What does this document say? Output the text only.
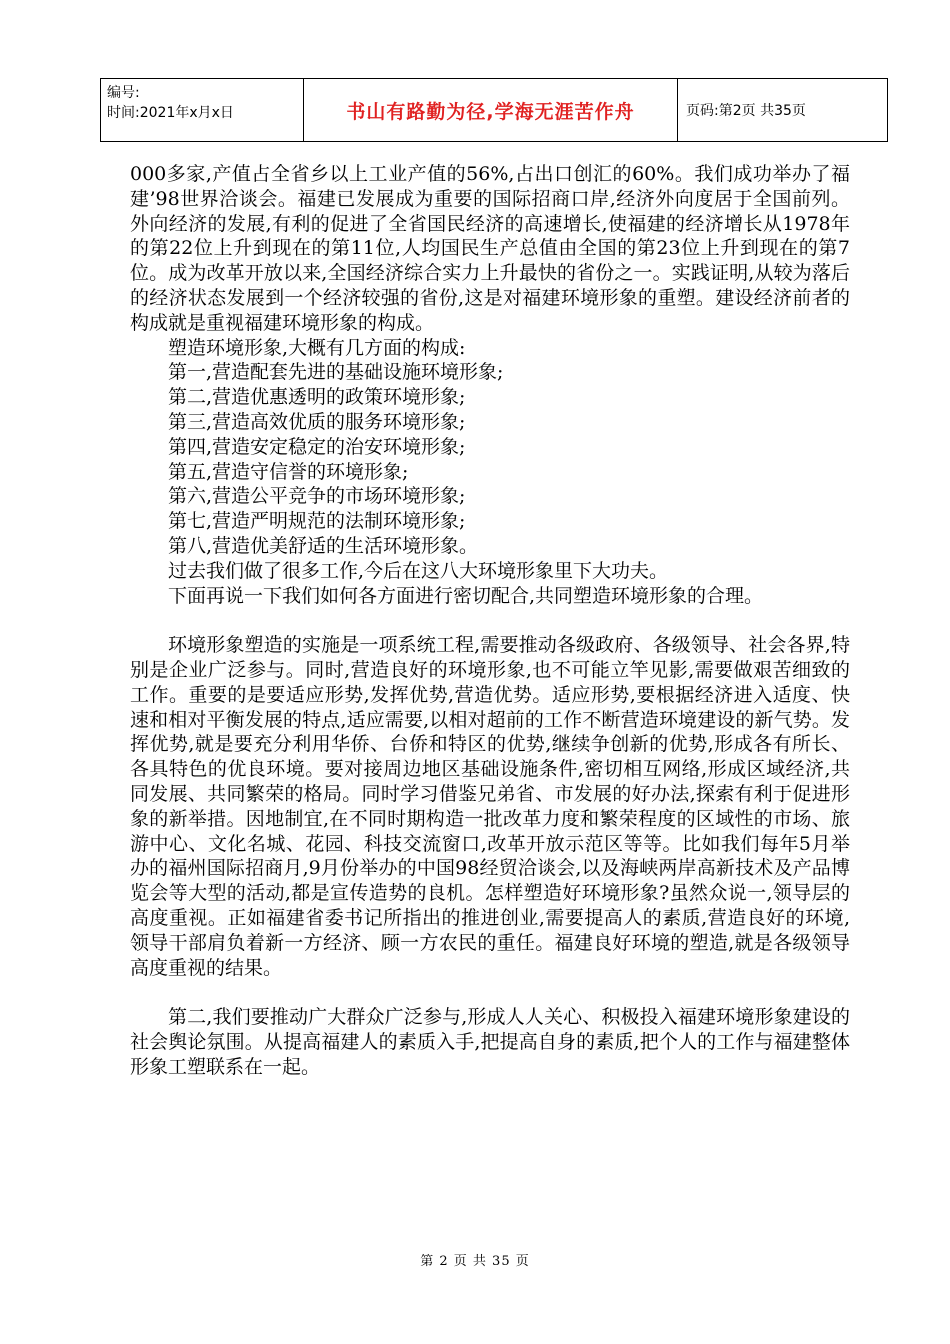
编号:
时间:2021年x月x日	书山有路勤为径,学海无涯苦作舟	页码:第2页 共35页

000多家,产值占全省乡以上工业产值的56%,占出口创汇的60%。我们成功举办了福建’98世界洽谈会。福建已发展成为重要的国际招商口岸,经济外向度居于全国前列。外向经济的发展,有利的促进了全省国民经济的高速增长,使福建的经济增长从1978年的第22位上升到现在的第11位,人均国民生产总值由全国的第23位上升到现在的第7位。成为改革开放以来,全国经济综合实力上升最快的省份之一。实践证明,从较为落后的经济状态发展到一个经济较强的省份,这是对福建环境形象的重塑。建设经济前者的构成就是重视福建环境形象的构成。

塑造环境形象,大概有几方面的构成:

第一,营造配套先进的基础设施环境形象;

第二,营造优惠透明的政策环境形象;

第三,营造高效优质的服务环境形象;

第四,营造安定稳定的治安环境形象;

第五,营造守信誉的环境形象;

第六,营造公平竞争的市场环境形象;

第七,营造严明规范的法制环境形象;

第八,营造优美舒适的生活环境形象。

过去我们做了很多工作,今后在这八大环境形象里下大功夫。

下面再说一下我们如何各方面进行密切配合,共同塑造环境形象的合理。

环境形象塑造的实施是一项系统工程,需要推动各级政府、各级领导、社会各界,特别是企业广泛参与。同时,营造良好的环境形象,也不可能立竿见影,需要做艰苦细致的工作。重要的是要适应形势,发挥优势,营造优势。适应形势,要根据经济进入适度、快速和相对平衡发展的特点,适应需要,以相对超前的工作不断营造环境建设的新气势。发挥优势,就是要充分利用华侨、台侨和特区的优势,继续争创新的优势,形成各有所长、各具特色的优良环境。要对接周边地区基础设施条件,密切相互网络,形成区域经济,共同发展、共同繁荣的格局。同时学习借鉴兄弟省、市发展的好办法,探索有利于促进形象的新举措。因地制宜,在不同时期构造一批改革力度和繁荣程度的区域性的市场、旅游中心、文化名城、花园、科技交流窗口,改革开放示范区等等。比如我们每年5月举办的福州国际招商月,9月份举办的中国98经贸洽谈会,以及海峡两岸高新技术及产品博览会等大型的活动,都是宣传造势的良机。怎样塑造好环境形象?虽然众说一,领导层的高度重视。正如福建省委书记所指出的推进创业,需要提高人的素质,营造良好的环境,领导干部肩负着新一方经济、顾一方农民的重任。福建良好环境的塑造,就是各级领导高度重视的结果。

第二,我们要推动广大群众广泛参与,形成人人关心、积极投入福建环境形象建设的社会舆论氛围。从提高福建人的素质入手,把提高自身的素质,把个人的工作与福建整体形象工塑联系在一起。

第 2 页 共 35 页
